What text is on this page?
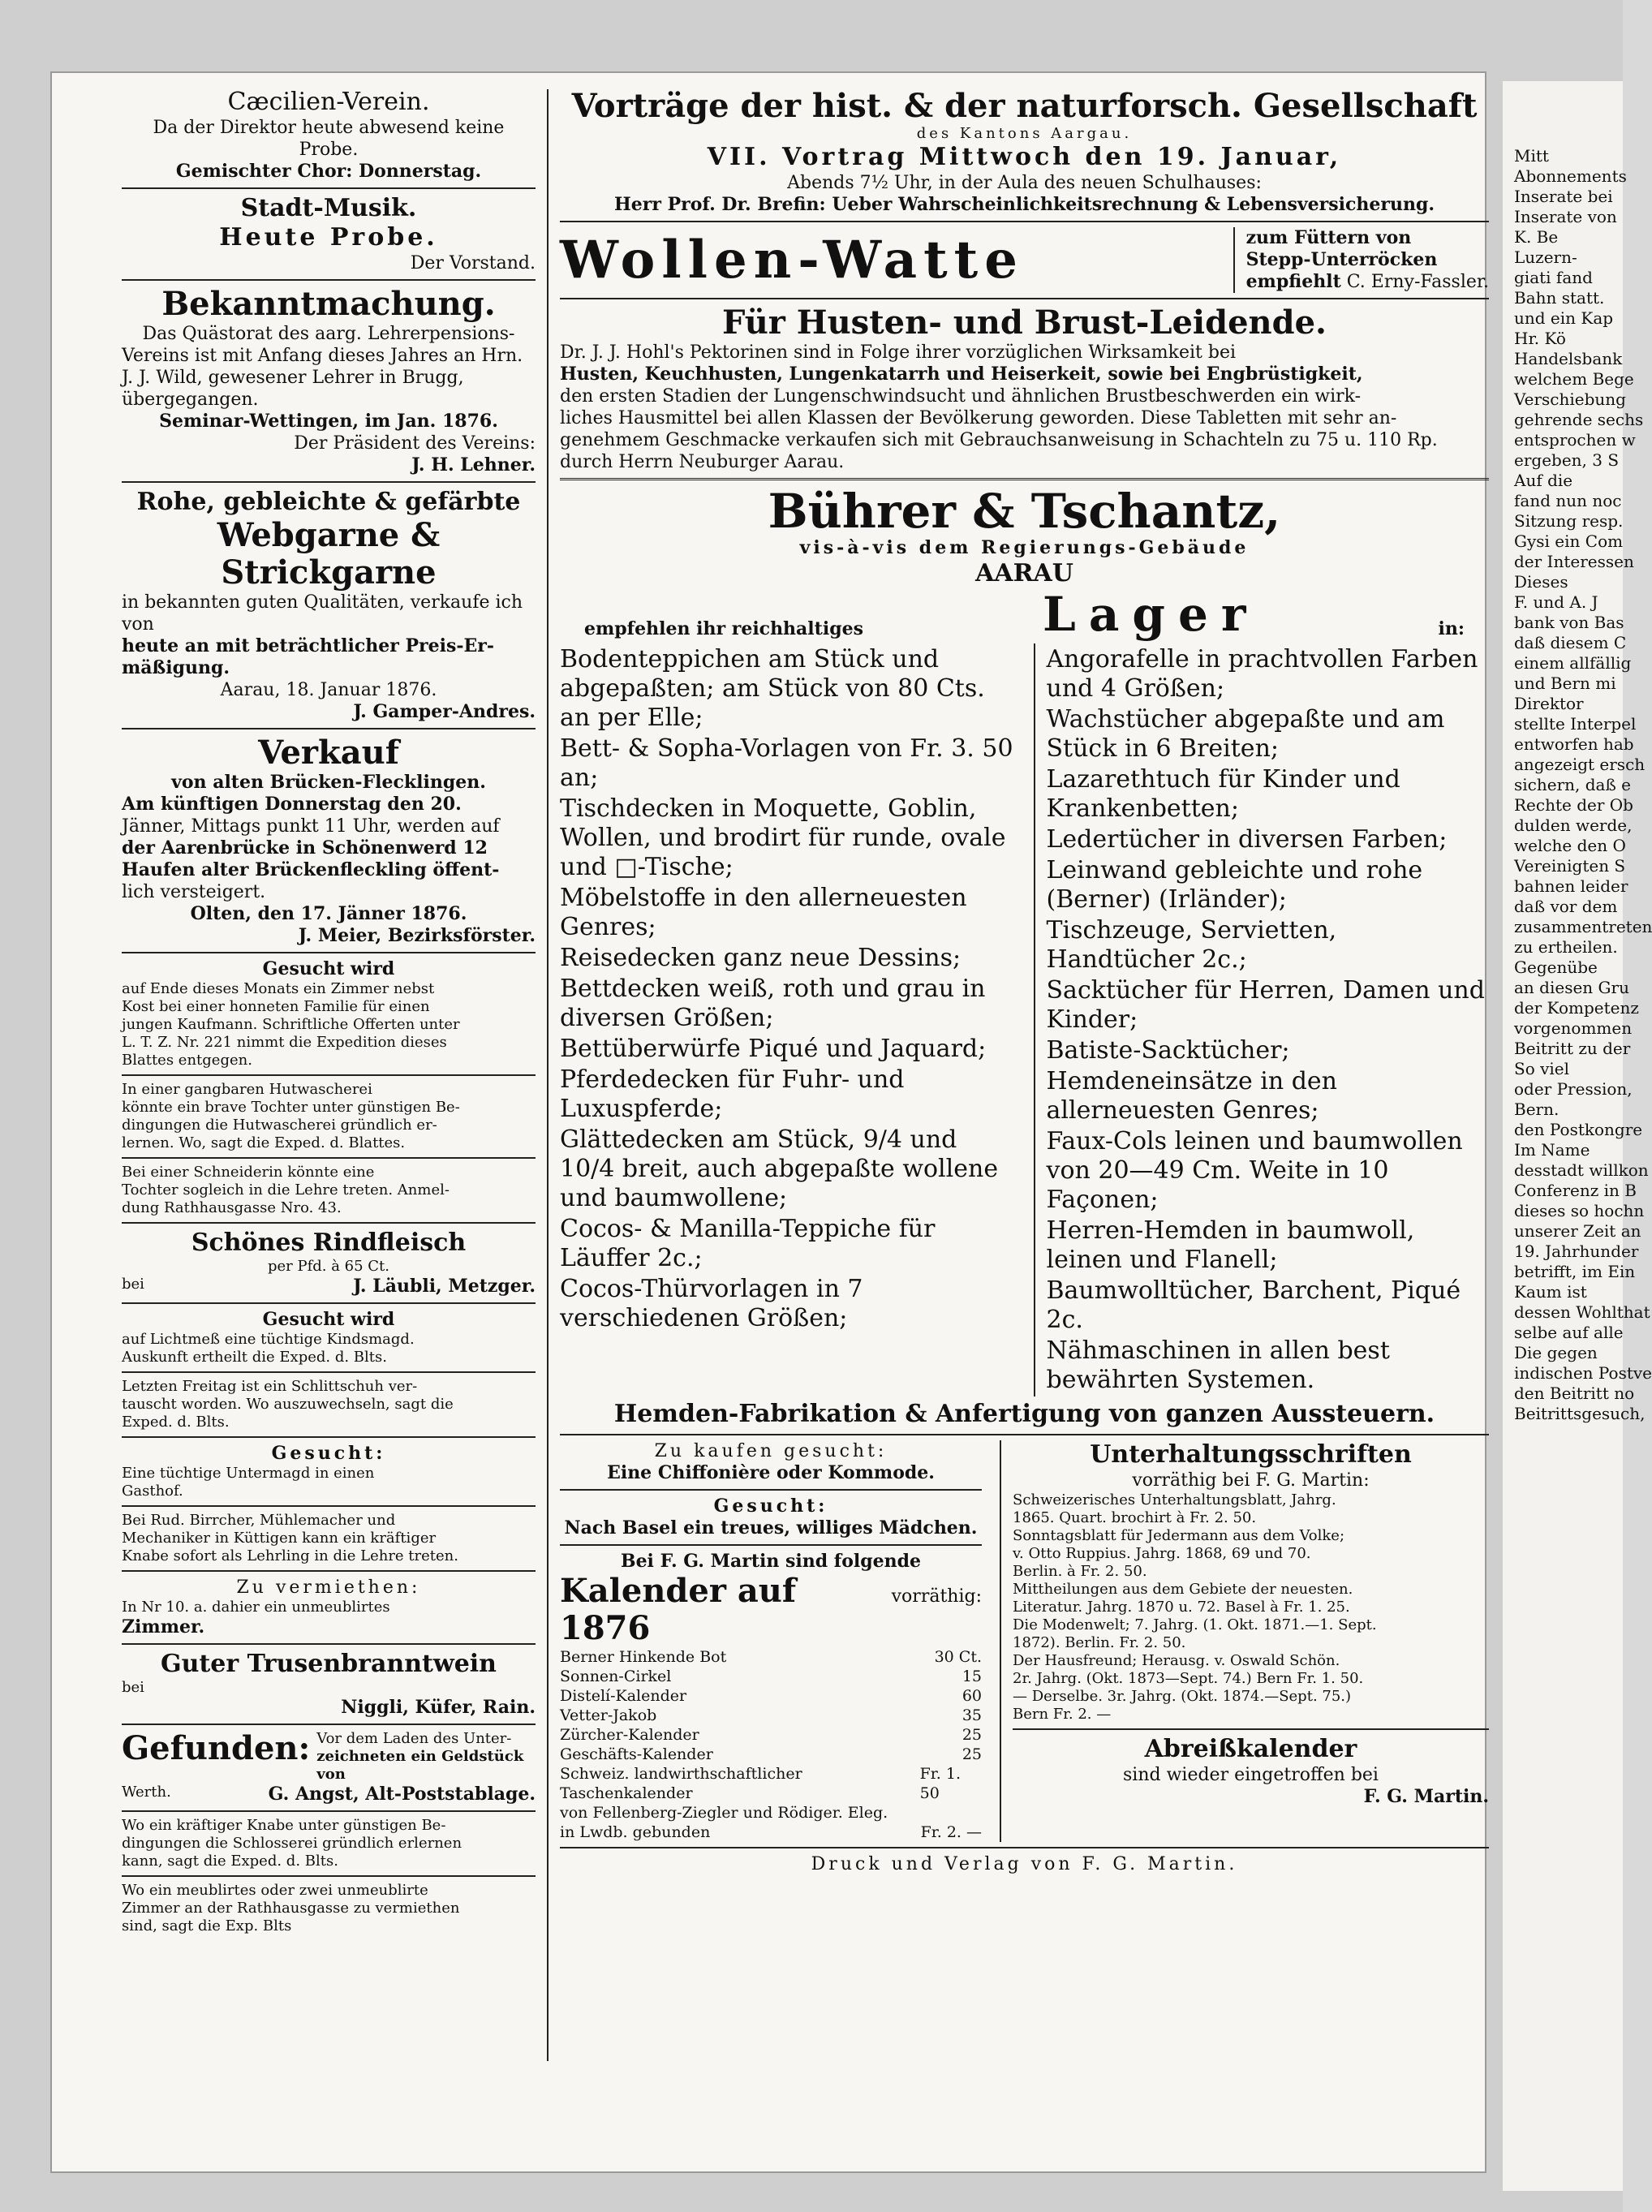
Cæcilien-Verein.
Da der Direktor heute abwesend keine Probe.
Gemischter Chor: Donnerstag.
Stadt-Musik.
Heute Probe.
Der Vorstand.
Bekanntmachung.
Das Quästorat des aarg. Lehrerpensions-
Vereins ist mit Anfang dieses Jahres an Hrn.
J. J. Wild, gewesener Lehrer in Brugg,
übergegangen.
Seminar-Wettingen, im Jan. 1876.
Der Präsident des Vereins:
J. H. Lehner.
Rohe, gebleichte & gefärbte
Webgarne & Strickgarne
in bekannten guten Qualitäten, verkaufe ich von
heute an mit beträchtlicher Preis-Er-
mäßigung.
Aarau, 18. Januar 1876.
J. Gamper-Andres.
Verkauf
von alten Brücken-Flecklingen.
Am künftigen Donnerstag den 20.
Jänner, Mittags punkt 11 Uhr, werden auf
der Aarenbrücke in Schönenwerd 12
Haufen alter Brückenfleckling öffent-
lich versteigert.
Olten, den 17. Jänner 1876.
J. Meier, Bezirksförster.
Gesucht wird
auf Ende dieses Monats ein Zimmer nebst
Kost bei einer honneten Familie für einen
jungen Kaufmann. Schriftliche Offerten unter
L. T. Z. Nr. 221 nimmt die Expedition dieses
Blattes entgegen.
In einer gangbaren Hutwascherei
könnte ein brave Tochter unter günstigen Be-
dingungen die Hutwascherei gründlich er-
lernen. Wo, sagt die Exped. d. Blattes.
Bei einer Schneiderin könnte eine
Tochter sogleich in die Lehre treten. Anmel-
dung Rathhausgasse Nro. 43.
Schönes Rindfleisch
per Pfd. à 65 Ct.
bei	J. Läubli, Metzger.
Gesucht wird
auf Lichtmeß eine tüchtige Kindsmagd.
Auskunft ertheilt die Exped. d. Blts.
Letzten Freitag ist ein Schlittschuh ver-
tauscht worden. Wo auszuwechseln, sagt die
Exped. d. Blts.
Gesucht:
Eine tüchtige Untermagd in einen
Gasthof.
Bei Rud. Birrcher, Mühlemacher und
Mechaniker in Küttigen kann ein kräftiger
Knabe sofort als Lehrling in die Lehre treten.
Zu vermiethen:
In Nr 10. a. dahier ein unmeublirtes
Zimmer.
Guter Trusenbranntwein
bei
Niggli, Küfer, Rain.
Gefunden: Vor dem Laden des Unter-
zeichneten ein Geldstück von
Werth.	G. Angst, Alt-Poststablage.
Wo ein kräftiger Knabe unter günstigen Be-
dingungen die Schlosserei gründlich erlernen
kann, sagt die Exped. d. Blts.
Wo ein meublirtes oder zwei unmeublirte
Zimmer an der Rathhausgasse zu vermiethen
sind, sagt die Exp. Blts
Vorträge der hist. & der naturforsch. Gesellschaft
des Kantons Aargau.
VII. Vortrag Mittwoch den 19. Januar,
Abends 7½ Uhr, in der Aula des neuen Schulhauses:
Herr Prof. Dr. Brefin: Ueber Wahrscheinlichkeitsrechnung & Lebensversicherung.
Wollen-Watte	zum Füttern von
Stepp-Unterröcken
empfiehlt C. Erny-Fassler.
Für Husten- und Brust-Leidende.
Dr. J. J. Hohl's Pektorinen sind in Folge ihrer vorzüglichen Wirksamkeit bei
Husten, Keuchhusten, Lungenkatarrh und Heiserkeit, sowie bei Engbrüstigkeit,
den ersten Stadien der Lungenschwindsucht und ähnlichen Brustbeschwerden ein wirk-
liches Hausmittel bei allen Klassen der Bevölkerung geworden. Diese Tabletten mit sehr an-
genehmem Geschmacke verkaufen sich mit Gebrauchsanweisung in Schachteln zu 75 u. 110 Rp.
durch Herrn Neuburger Aarau.
Bührer & Tschantz,
vis-à-vis dem Regierungs-Gebäude
AARAU
empfehlen ihr reichhaltiges	Lager	in:
Bodenteppichen am Stück und abgepaßten; am Stück von 80 Cts. an per Elle;
Bett- & Sopha-Vorlagen von Fr. 3. 50 an;
Tischdecken in Moquette, Goblin, Wollen, und brodirt für runde, ovale und □-Tische;
Möbelstoffe in den allerneuesten Genres;
Reisedecken ganz neue Dessins;
Bettdecken weiß, roth und grau in diversen Größen;
Bettüberwürfe Piqué und Jaquard;
Pferdedecken für Fuhr- und Luxuspferde;
Glättedecken am Stück, 9/4 und 10/4 breit, auch abgepaßte wollene und baumwollene;
Cocos- & Manilla-Teppiche für Läuffer 2c.;
Cocos-Thürvorlagen in 7 verschiedenen Größen;
Angorafelle in prachtvollen Farben und 4 Größen;
Wachstücher abgepaßte und am Stück in 6 Breiten;
Lazarethtuch für Kinder und Krankenbetten;
Ledertücher in diversen Farben;
Leinwand gebleichte und rohe (Berner) (Irländer);
Tischzeuge, Servietten, Handtücher 2c.;
Sacktücher für Herren, Damen und Kinder;
Batiste-Sacktücher;
Hemdeneinsätze in den allerneuesten Genres;
Faux-Cols leinen und baumwollen von 20—49 Cm. Weite in 10 Façonen;
Herren-Hemden in baumwoll, leinen und Flanell;
Baumwolltücher, Barchent, Piqué 2c.
Nähmaschinen in allen best bewährten Systemen.
Hemden-Fabrikation & Anfertigung von ganzen Aussteuern.
Zu kaufen gesucht:
Eine Chiffonière oder Kommode.
Gesucht:
Nach Basel ein treues, williges Mädchen.
Bei F. G. Martin sind folgende
Kalender auf 1876
vorräthig:
Berner Hinkende Bot	30 Ct.
Sonnen-Cirkel	15
Distelí-Kalender	60
Vetter-Jakob	35
Zürcher-Kalender	25
Geschäfts-Kalender	25
Schweiz. landwirthschaftlicher Taschenkalender
Fr. 1. 50
von Fellenberg-Ziegler und Rödiger. Eleg.
in Lwdb. gebunden	Fr. 2. —
Unterhaltungsschriften
vorräthig bei F. G. Martin:
Schweizerisches Unterhaltungsblatt, Jahrg.
1865. Quart. brochirt à Fr. 2. 50.
Sonntagsblatt für Jedermann aus dem Volke;
v. Otto Ruppius. Jahrg. 1868, 69 und 70.
Berlin. à Fr. 2. 50.
Mittheilungen aus dem Gebiete der neuesten.
Literatur. Jahrg. 1870 u. 72. Basel à Fr. 1. 25.
Die Modenwelt; 7. Jahrg. (1. Okt. 1871.—1. Sept.
1872). Berlin. Fr. 2. 50.
Der Hausfreund; Herausg. v. Oswald Schön.
2r. Jahrg. (Okt. 1873—Sept. 74.) Bern Fr. 1. 50.
— Derselbe. 3r. Jahrg. (Okt. 1874.—Sept. 75.)
Bern Fr. 2. —
Abreißkalender
sind wieder eingetroffen bei
F. G. Martin.
Druck und Verlag von F. G. Martin.
Mitt
Abonnements
Inserate bei
Inserate von
K. Be
Luzern-
giati fand
Bahn statt.
und ein Kap
Hr. Kö
Handelsbank
welchem Bege
Verschiebung
gehrende sechs
entsprochen w
ergeben, 3 S
Auf die
fand nun noc
Sitzung resp.
Gysi ein Com
der Interessen
Dieses
F. und A. J
bank von Bas
daß diesem C
einem allfällig
und Bern mi
Direktor
stellte Interpel
entworfen hab
angezeigt ersch
sichern, daß e
Rechte der Ob
dulden werde,
welche den O
Vereinigten S
bahnen leider
daß vor dem
zusammentreten
zu ertheilen.
Gegenübe
an diesen Gru
der Kompetenz
vorgenommen
Beitritt zu der
So viel
oder Pression,
Bern.
den Postkongre
Im Name
desstadt willkon
Conferenz in B
dieses so hochn
unserer Zeit an
19. Jahrhunder
betrifft, im Ein
Kaum ist
dessen Wohlthat
selbe auf alle
Die gegen
indischen Postve
den Beitritt no
Beitrittsgesuch,
